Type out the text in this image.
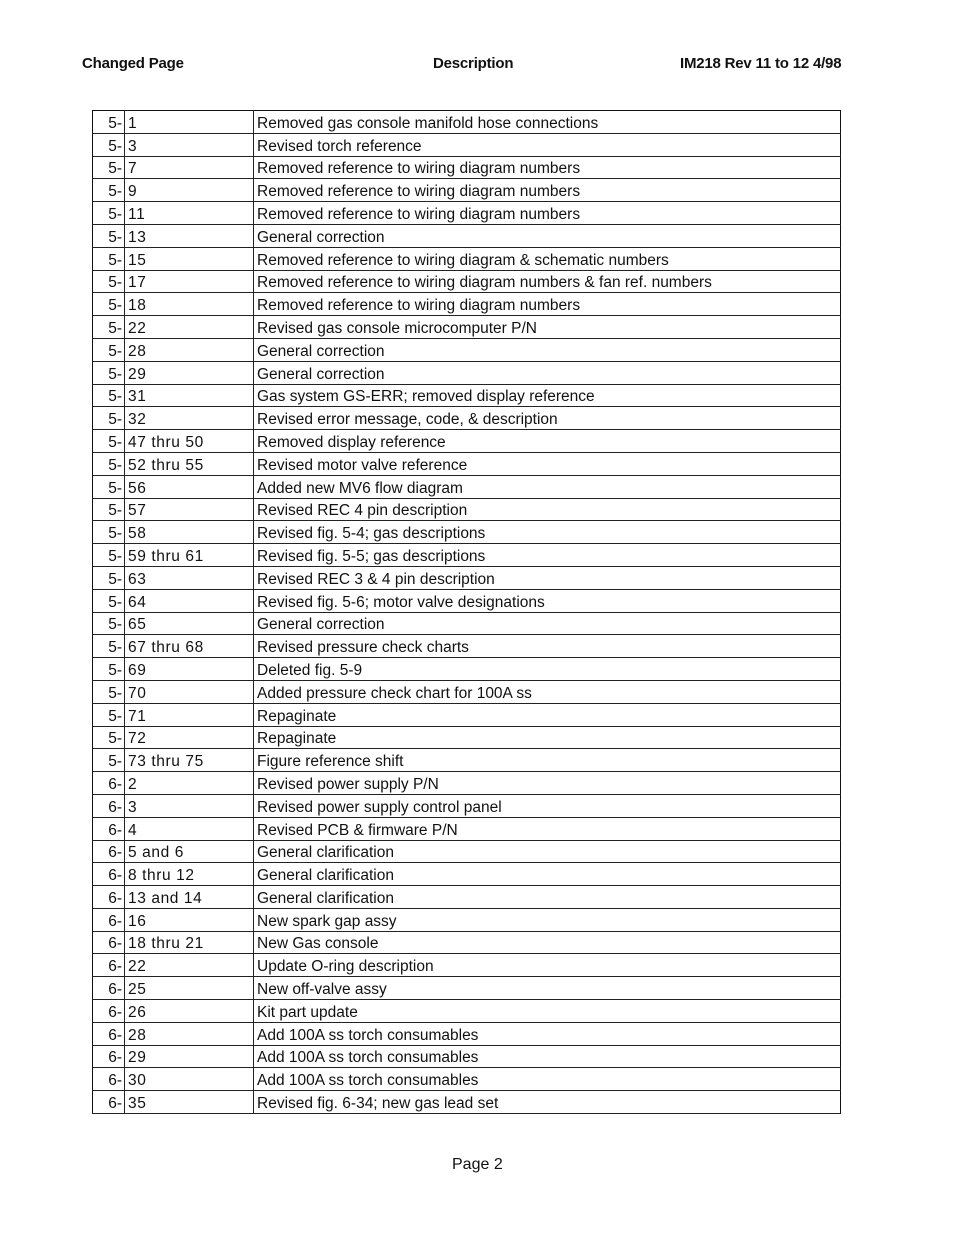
Changed Page	Description	IM218 Rev 11 to 12 4/98
5-	1	Removed gas console manifold hose connections
5-	3	Revised torch reference
5-	7	Removed reference to wiring diagram numbers
5-	9	Removed reference to wiring diagram numbers
5-	11	Removed reference to wiring diagram numbers
5-	13	General correction
5-	15	Removed reference to wiring diagram & schematic numbers
5-	17	Removed reference to wiring diagram numbers & fan ref. numbers
5-	18	Removed reference to wiring diagram numbers
5-	22	Revised gas console microcomputer P/N
5-	28	General correction
5-	29	General correction
5-	31	Gas system GS-ERR; removed display reference
5-	32	Revised error message, code, & description
5-	47 thru 50	Removed display reference
5-	52 thru 55	Revised motor valve reference
5-	56	Added new MV6 flow diagram
5-	57	Revised REC 4 pin description
5-	58	Revised fig. 5-4; gas descriptions
5-	59 thru 61	Revised fig. 5-5; gas descriptions
5-	63	Revised REC 3 & 4 pin description
5-	64	Revised fig. 5-6; motor valve designations
5-	65	General correction
5-	67 thru 68	Revised pressure check charts
5-	69	Deleted fig. 5-9
5-	70	Added pressure check chart for 100A ss
5-	71	Repaginate
5-	72	Repaginate
5-	73 thru 75	Figure reference shift
6-	2	Revised power supply P/N
6-	3	Revised power supply control panel
6-	4	Revised PCB & firmware P/N
6-	5 and 6	General clarification
6-	8 thru 12	General clarification
6-	13 and 14	General clarification
6-	16	New spark gap assy
6-	18 thru 21	New Gas console
6-	22	Update O-ring description
6-	25	New off-valve assy
6-	26	Kit part update
6-	28	Add 100A ss torch consumables
6-	29	Add 100A ss torch consumables
6-	30	Add 100A ss torch consumables
6-	35	Revised fig. 6-34; new gas lead set
Page 2
